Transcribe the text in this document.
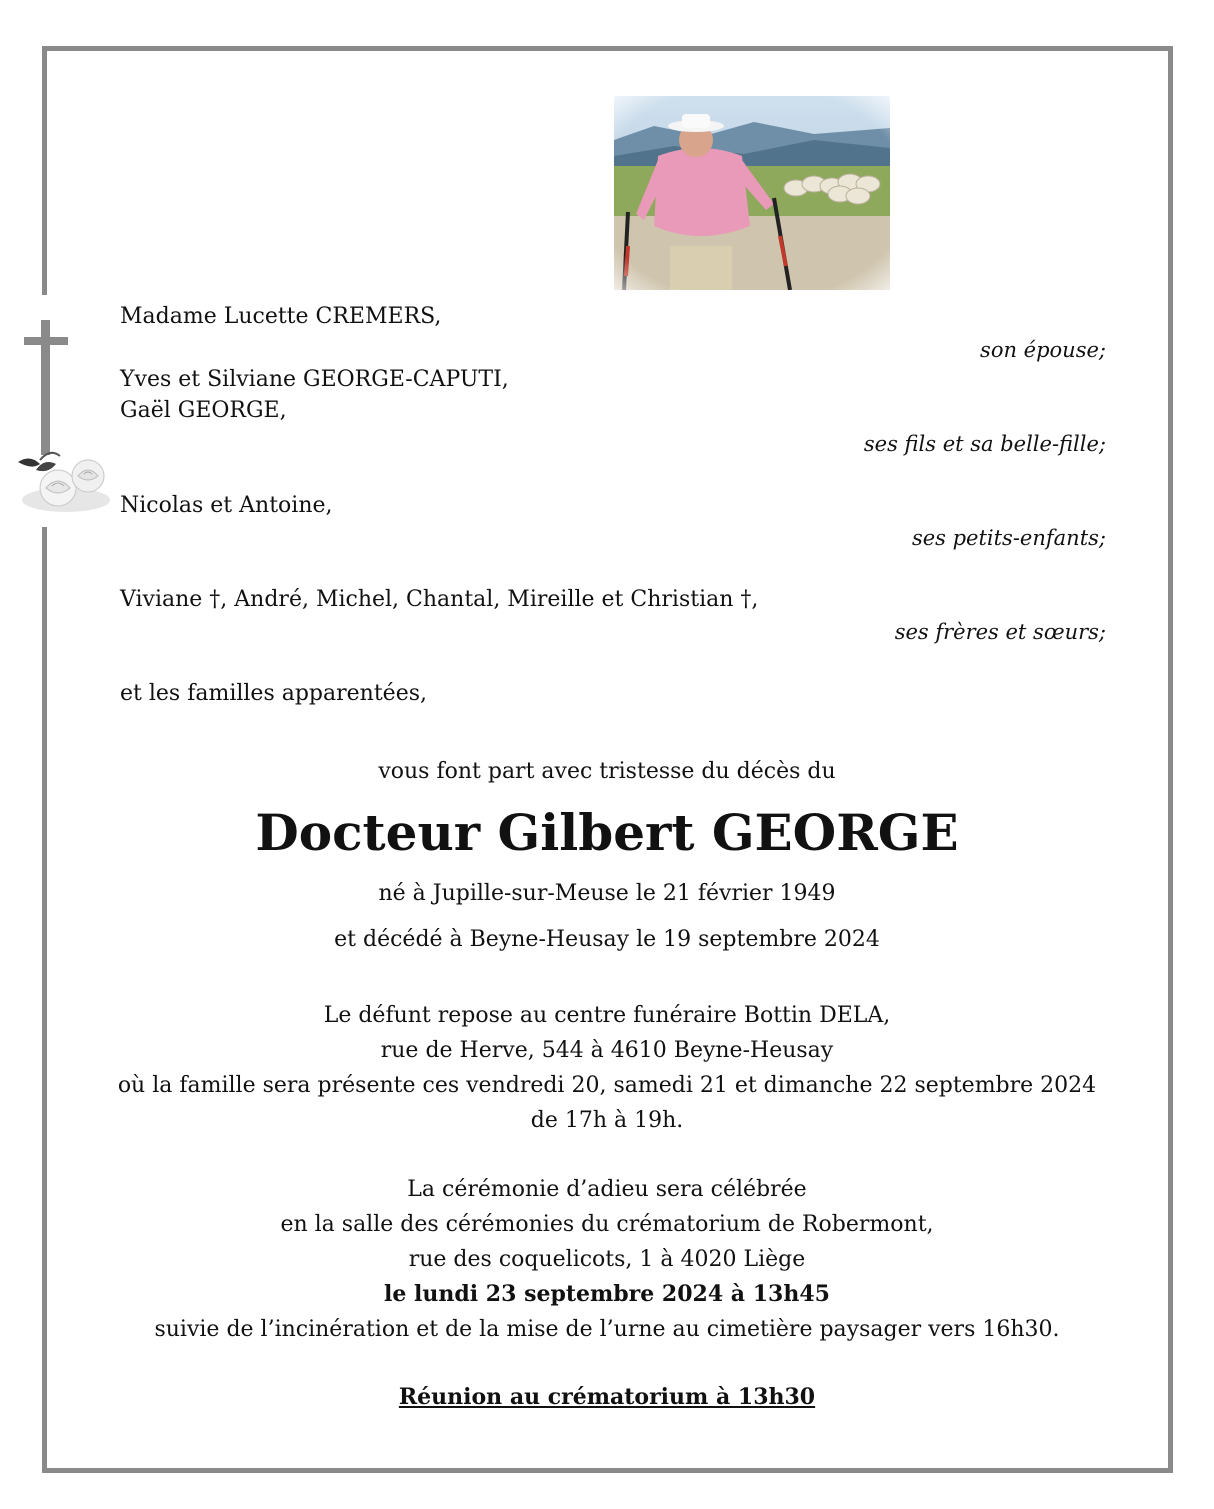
Madame Lucette CREMERS,
son épouse;
Yves et Silviane GEORGE-CAPUTI,
Gaël GEORGE,
ses fils et sa belle-fille;
Nicolas et Antoine,
ses petits-enfants;
Viviane †, André, Michel, Chantal, Mireille et Christian †,
ses frères et sœurs;
et les familles apparentées,
vous font part avec tristesse du décès du
Docteur Gilbert GEORGE
né à Jupille-sur-Meuse le 21 février 1949
et décédé à Beyne-Heusay le 19 septembre 2024
Le défunt repose au centre funéraire Bottin DELA,
rue de Herve, 544 à 4610 Beyne-Heusay
où la famille sera présente ces vendredi 20, samedi 21 et dimanche 22 septembre 2024
de 17h à 19h.
La cérémonie d’adieu sera célébrée
en la salle des cérémonies du crématorium de Robermont,
rue des coquelicots, 1 à 4020 Liège
le lundi 23 septembre 2024 à 13h45
suivie de l’incinération et de la mise de l’urne au cimetière paysager vers 16h30.
Réunion au crématorium à 13h30
